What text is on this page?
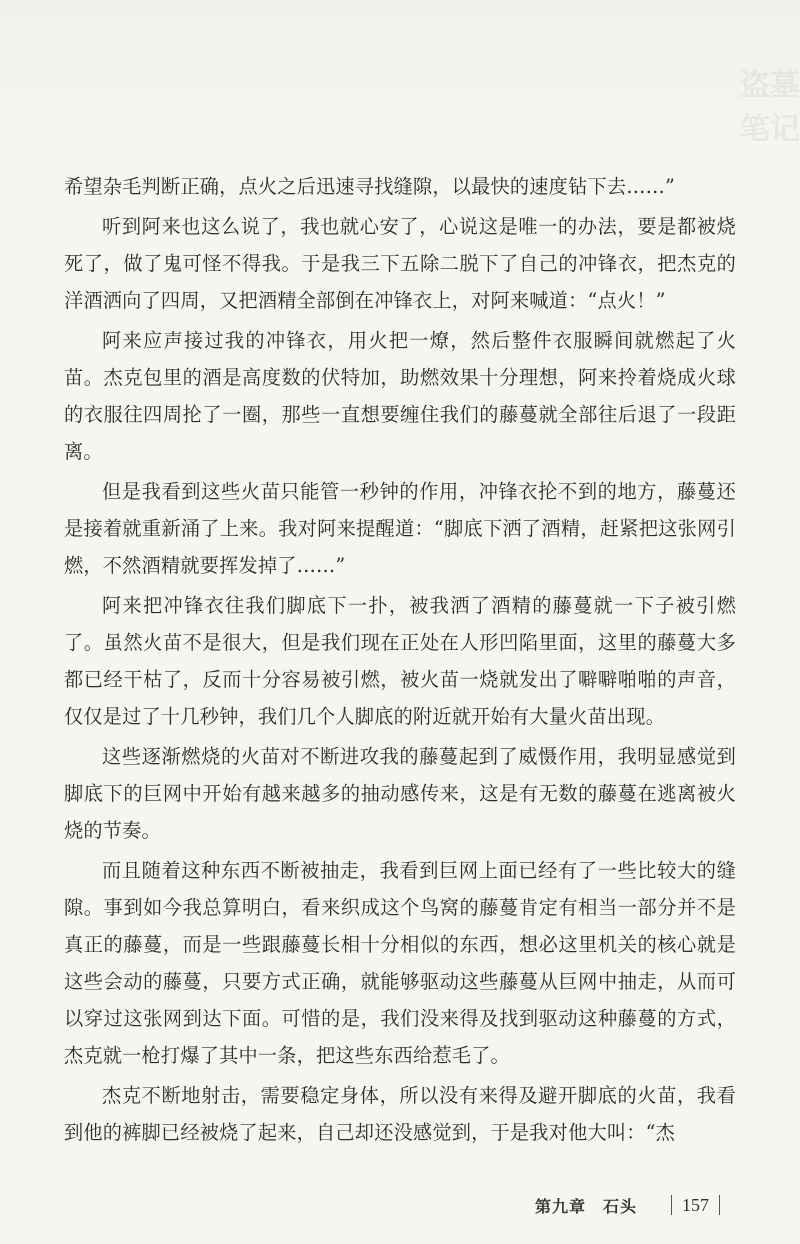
盗墓笔记

希望杂毛判断正确，点火之后迅速寻找缝隙，以最快的速度钻下去……”

听到阿来也这么说了，我也就心安了，心说这是唯一的办法，要是都被烧死了，做了鬼可怪不得我。于是我三下五除二脱下了自己的冲锋衣，把杰克的洋酒洒向了四周，又把酒精全部倒在冲锋衣上，对阿来喊道：“点火！”

阿来应声接过我的冲锋衣，用火把一燎，然后整件衣服瞬间就燃起了火苗。杰克包里的酒是高度数的伏特加，助燃效果十分理想，阿来拎着烧成火球的衣服往四周抡了一圈，那些一直想要缠住我们的藤蔓就全部往后退了一段距离。

但是我看到这些火苗只能管一秒钟的作用，冲锋衣抡不到的地方，藤蔓还是接着就重新涌了上来。我对阿来提醒道：“脚底下洒了酒精，赶紧把这张网引燃，不然酒精就要挥发掉了……”

阿来把冲锋衣往我们脚底下一扑，被我洒了酒精的藤蔓就一下子被引燃了。虽然火苗不是很大，但是我们现在正处在人形凹陷里面，这里的藤蔓大多都已经干枯了，反而十分容易被引燃，被火苗一烧就发出了噼噼啪啪的声音，仅仅是过了十几秒钟，我们几个人脚底的附近就开始有大量火苗出现。

这些逐渐燃烧的火苗对不断进攻我的藤蔓起到了威慑作用，我明显感觉到脚底下的巨网中开始有越来越多的抽动感传来，这是有无数的藤蔓在逃离被火烧的节奏。

而且随着这种东西不断被抽走，我看到巨网上面已经有了一些比较大的缝隙。事到如今我总算明白，看来织成这个鸟窝的藤蔓肯定有相当一部分并不是真正的藤蔓，而是一些跟藤蔓长相十分相似的东西，想必这里机关的核心就是这些会动的藤蔓，只要方式正确，就能够驱动这些藤蔓从巨网中抽走，从而可以穿过这张网到达下面。可惜的是，我们没来得及找到驱动这种藤蔓的方式，杰克就一枪打爆了其中一条，把这些东西给惹毛了。

杰克不断地射击，需要稳定身体，所以没有来得及避开脚底的火苗，我看到他的裤脚已经被烧了起来，自己却还没感觉到，于是我对他大叫：“杰

第九章　石头	157
